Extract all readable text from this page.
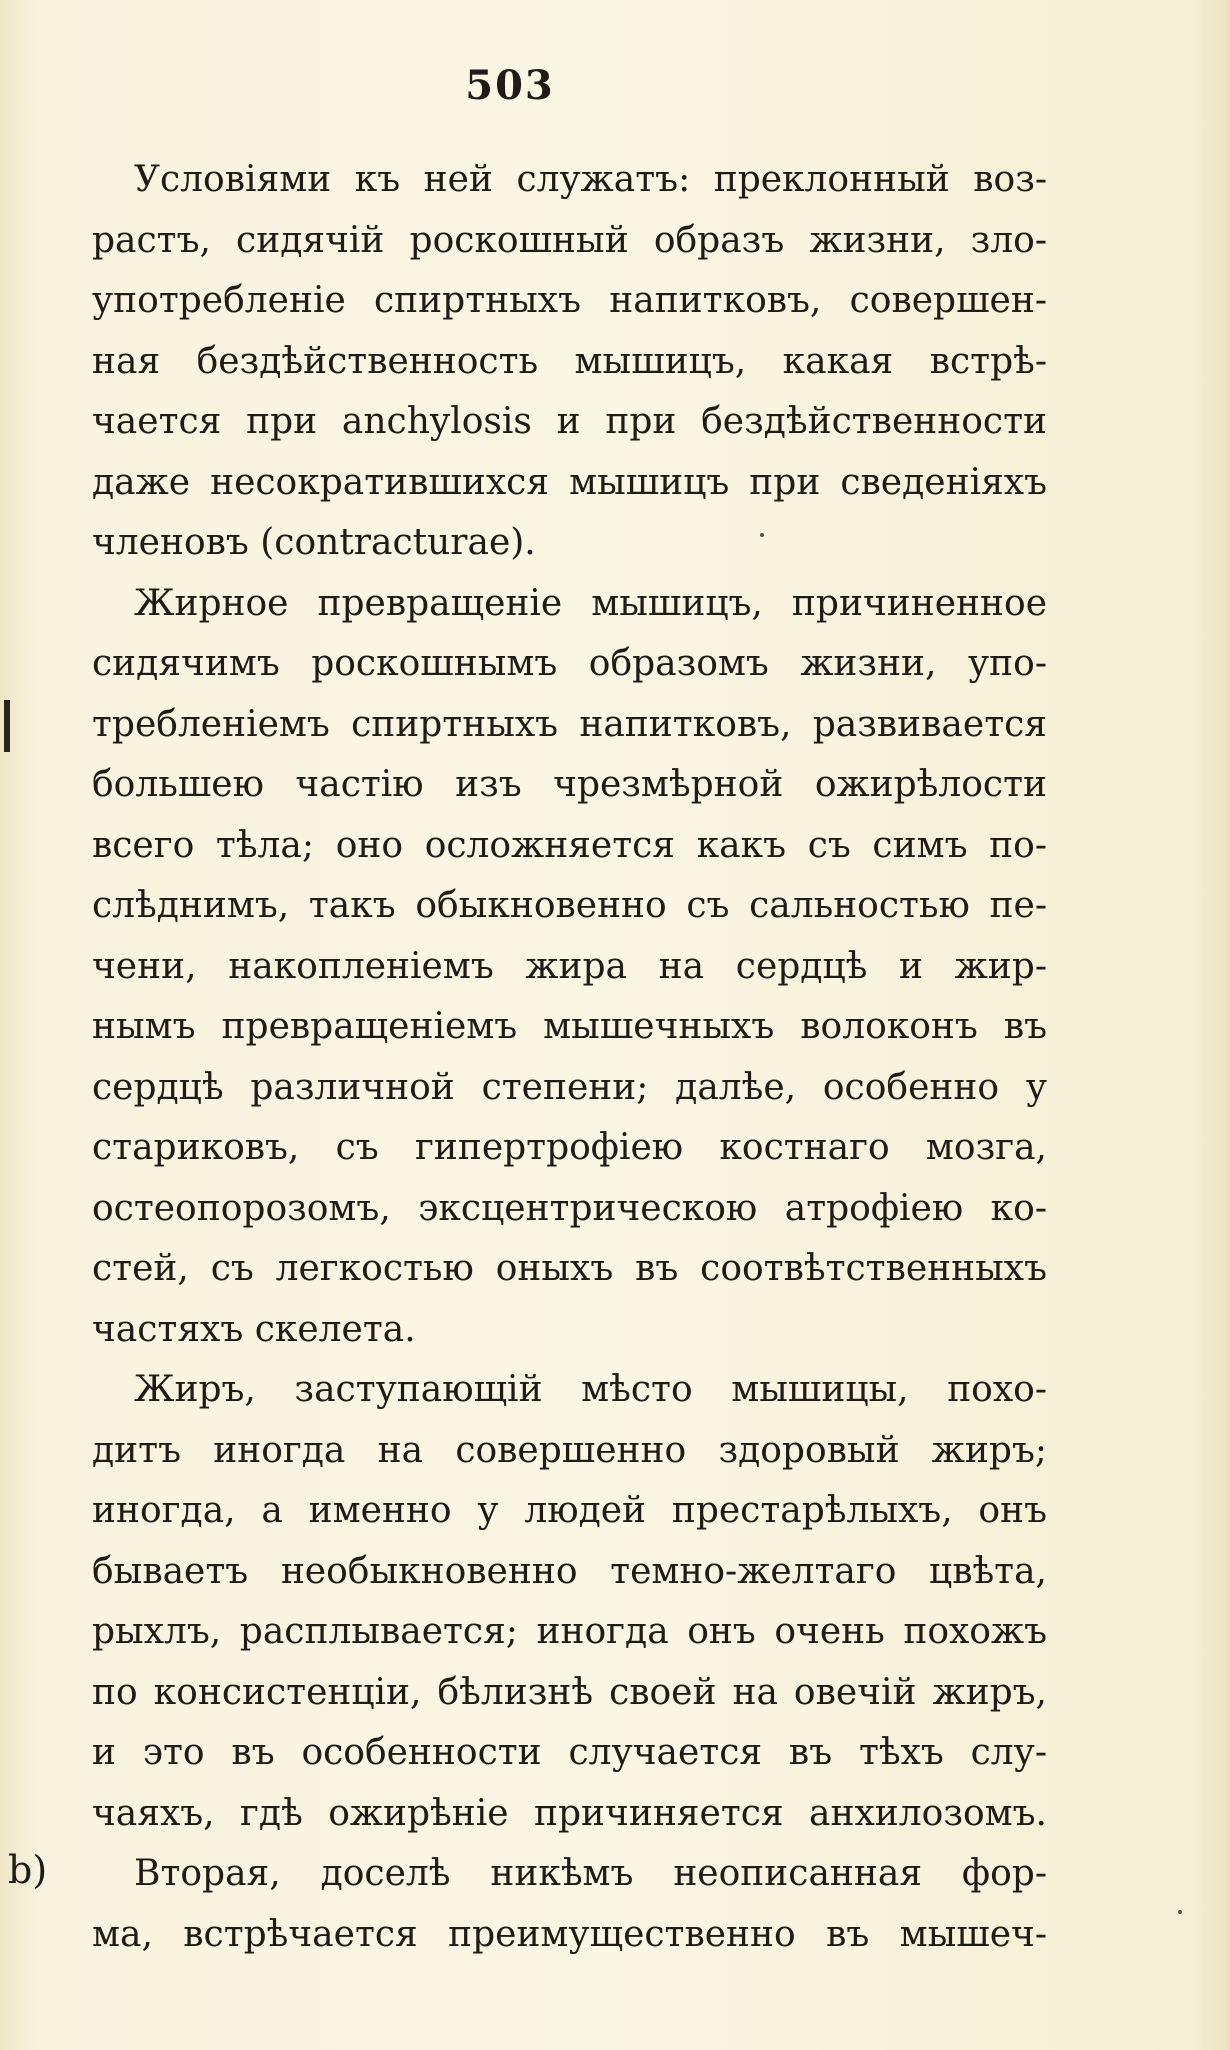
503
b)
Условіями къ ней служатъ: преклонный воз-
растъ, сидячій роскошный образъ жизни, зло-
употребленіе спиртныхъ напитковъ, совершен-
ная бездѣйственность мышицъ, какая встрѣ-
чается при anchylosis и при бездѣйственности
даже несократившихся мышицъ при сведеніяхъ
членовъ (contracturae).
Жирное превращеніе мышицъ, причиненное
сидячимъ роскошнымъ образомъ жизни, упо-
требленіемъ спиртныхъ напитковъ, развивается
большею частію изъ чрезмѣрной ожирѣлости
всего тѣла; оно осложняется какъ съ симъ по-
слѣднимъ, такъ обыкновенно съ сальностью пе-
чени, накопленіемъ жира на сердцѣ и жир-
нымъ превращеніемъ мышечныхъ волоконъ въ
сердцѣ различной степени; далѣе, особенно у
стариковъ, съ гипертрофіею костнаго мозга,
остеопорозомъ, эксцентрическою атрофіею ко-
стей, съ легкостью оныхъ въ соотвѣтственныхъ
частяхъ скелета.
Жиръ, заступающій мѣсто мышицы, похо-
дитъ иногда на совершенно здоровый жиръ;
иногда, а именно у людей престарѣлыхъ, онъ
бываетъ необыкновенно темно-желтаго цвѣта,
рыхлъ, расплывается; иногда онъ очень похожъ
по консистенціи, бѣлизнѣ своей на овечій жиръ,
и это въ особенности случается въ тѣхъ слу-
чаяхъ, гдѣ ожирѣніе причиняется анхилозомъ.
Вторая, доселѣ никѣмъ неописанная фор-
ма, встрѣчается преимущественно въ мышеч-
